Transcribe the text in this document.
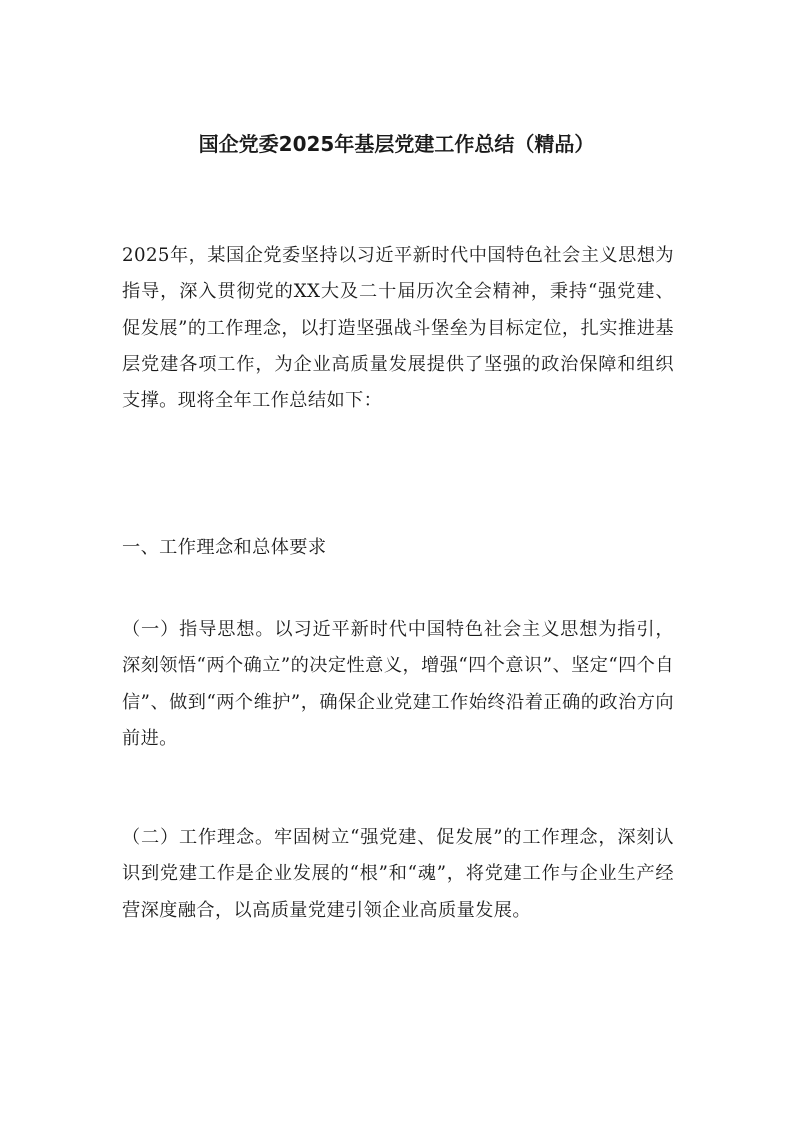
国企党委2025年基层党建工作总结（精品）

2025年，某国企党委坚持以习近平新时代中国特色社会主义思想为指导，深入贯彻党的XX大及二十届历次全会精神，秉持“强党建、促发展”的工作理念，以打造坚强战斗堡垒为目标定位，扎实推进基层党建各项工作，为企业高质量发展提供了坚强的政治保障和组织支撑。现将全年工作总结如下：

一、工作理念和总体要求

（一）指导思想。以习近平新时代中国特色社会主义思想为指引，深刻领悟“两个确立”的决定性意义，增强“四个意识”、坚定“四个自信”、做到“两个维护”，确保企业党建工作始终沿着正确的政治方向前进。

（二）工作理念。牢固树立“强党建、促发展”的工作理念，深刻认识到党建工作是企业发展的“根”和“魂”，将党建工作与企业生产经营深度融合，以高质量党建引领企业高质量发展。
